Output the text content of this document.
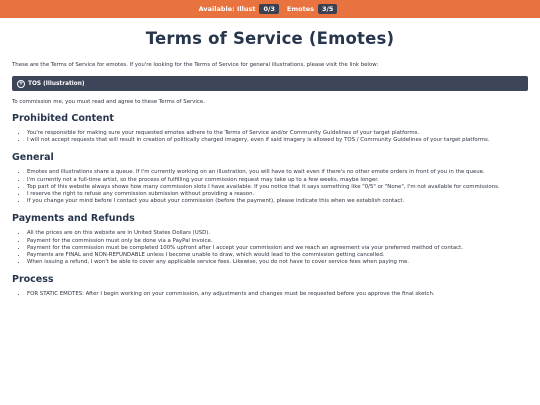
Available: Illust	0/3	Emotes	3/5
Terms of Service (Emotes)

These are the Terms of Service for emotes. If you're looking for the Terms of Service for general illustrations, please visit the link below:

+ TOS (Illustration)

To commission me, you must read and agree to these Terms of Service.

Prohibited Content
• You're responsible for making sure your requested emotes adhere to the Terms of Service and/or Community Guidelines of your target platforms.
• I will not accept requests that will result in creation of politically charged imagery, even if said imagery is allowed by TOS / Community Guidelines of your target platforms.
General
• Emotes and illustrations share a queue. If I'm currently working on an illustration, you will have to wait even if there's no other emote orders in front of you in the queue.
• I'm currently not a full-time artist, so the process of fulfilling your commission request may take up to a few weeks, maybe longer.
• Top part of this website always shows how many commission slots I have available. If you notice that it says something like "0/5" or "None", I'm not available for commissions.
• I reserve the right to refuse any commission submission without providing a reason.
• If you change your mind before I contact you about your commission (before the payment), please indicate this when we establish contact.
Payments and Refunds
• All the prices are on this website are in United States Dollars (USD).
• Payment for the commission must only be done via a PayPal invoice.
• Payment for the commission must be completed 100% upfront after I accept your commission and we reach an agreement via your preferred method of contact.
• Payments are FINAL and NON-REFUNDABLE unless I become unable to draw, which would lead to the commission getting cancelled.
• When issuing a refund, I won't be able to cover any applicable service fees. Likewise, you do not have to cover service fees when paying me.
Process
• FOR STATIC EMOTES: After I begin working on your commission, any adjustments and changes must be requested before you approve the final sketch.
